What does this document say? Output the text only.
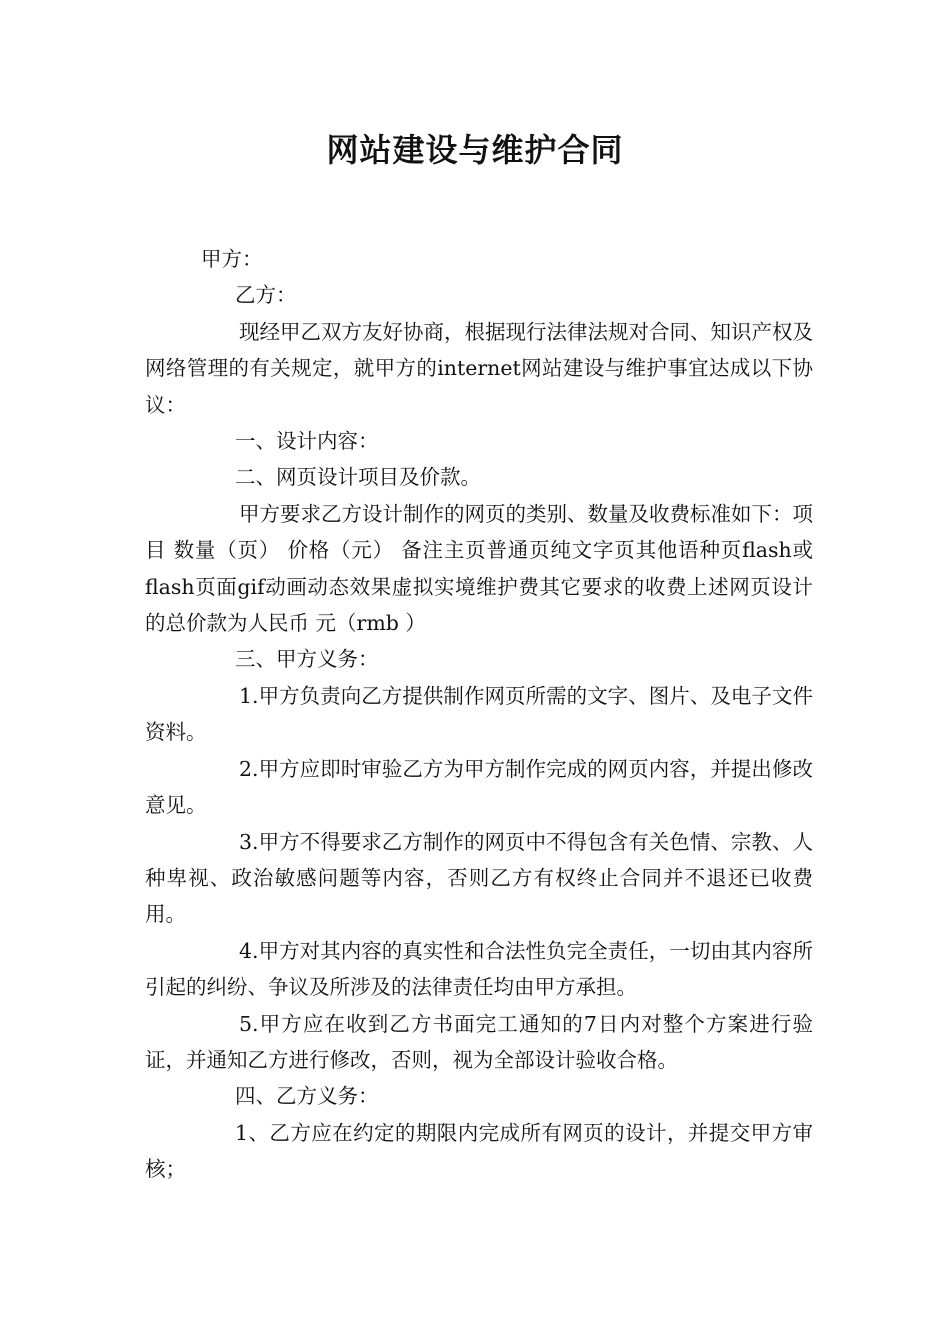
网站建设与维护合同

甲方：

乙方：

现经甲乙双方友好协商，根据现行法律法规对合同、知识产权及网络管理的有关规定，就甲方的internet网站建设与维护事宜达成以下协议：

一、设计内容：

二、网页设计项目及价款。

甲方要求乙方设计制作的网页的类别、数量及收费标准如下：项目 数量（页） 价格（元） 备注主页普通页纯文字页其他语种页flash或flash页面gif动画动态效果虚拟实境维护费其它要求的收费上述网页设计的总价款为人民币 元（rmb ）

三、甲方义务：

1.甲方负责向乙方提供制作网页所需的文字、图片、及电子文件资料。

2.甲方应即时审验乙方为甲方制作完成的网页内容，并提出修改意见。

3.甲方不得要求乙方制作的网页中不得包含有关色情、宗教、人种卑视、政治敏感问题等内容，否则乙方有权终止合同并不退还已收费用。

4.甲方对其内容的真实性和合法性负完全责任，一切由其内容所引起的纠纷、争议及所涉及的法律责任均由甲方承担。

5.甲方应在收到乙方书面完工通知的7日内对整个方案进行验证，并通知乙方进行修改，否则，视为全部设计验收合格。

四、乙方义务：

1、乙方应在约定的期限内完成所有网页的设计，并提交甲方审核；
